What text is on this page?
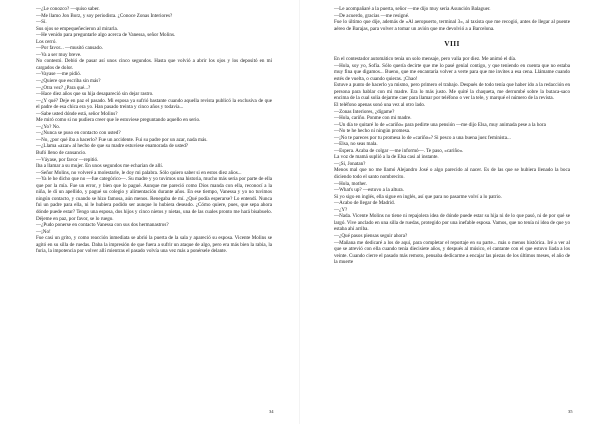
—¿Le conozco? —quiso saber.

—Me llamo Jon Borz, y soy periodista. ¿Conoce Zonas Interiores?

—Sí.

Sus ojos se empequeñecieron al mirarla.

—He venido para preguntarle algo acerca de Vanessa, señor Molins.

Los cerró.

—Por favor... —musitó cansado.

—Va a ser muy breve.

No contestó. Debió de pasar así unos cinco segundos. Hasta que volvió a abrir los ojos y los depositó en mí cargados de dolor.

—Vayase —me pidió.

—¿Quiere que escriba sin más?

—¿Otra vez? ¿Para qué...?

—Hace diez años que su hija desapareció sin dejar rastro.

—¿Y qué? Deje en paz el pasado. Mi esposa ya sufrió bastante cuando aquella revista publicó la exclusiva de que el padre de esa chica era yo. Han pasado treinta y cinco años y todavía...

—Sabe usted dónde está, señor Molins?

Me miró como si no pudiera creer que le estuviese preguntando aquello en serio.

—¿Yo? No.

—¿Nunca se puso en contacto con usted?

—No, ¿por qué iba a hacerlo? Fue un accidente. Fui su padre por un azar, nada más.

—¿Llama «azar» al hecho de que su madre estuviese enamorada de usted?

Bufó lleno de cansancio.

—Váyase, por favor —repitió.

Iba a llamar a su mujer. En unos segundos me echarían de allí.

—Señor Molins, no volveré a molestarle, le doy mi palabra. Sólo quiero saber si en estos diez años...

—Ya le he dicho que no —fue categórico—. Su madre y yo tuvimos una historia, mucho más seria por parte de ella que por la mía. Fue un error, y bien que lo pagué. Aunque me pareció como Dios manda con ella, reconocí a la niña, le di un apellido, y pagué su colegio y alimentación durante años. En ese tiempo, Vanessa y yo no tuvimos ningún contacto, y cuando se hizo famosa, aún menos. Renegaba de mí. ¿Qué podía esperarse? Lo entendí. Nunca fui un padre para ella, ni le hubiera podido ser aunque lo hubiera deseado. ¿Cómo quiere, pues, que sepa ahora dónde puede estar? Tengo una esposa, dos hijos y cinco nietos y nietas, una de las cuales pronto me hará bisabuelo. Déjeme en paz, por favor, se lo ruego.

—¿Pudo ponerse en contacto Vanessa con sus dos hermanastros?

—¡No!

Fue casi un grito, y como reacción inmediata se abrió la puerta de la sala y apareció su esposa. Vicente Molins se agitó en su silla de ruedas. Daba la impresión de que fuera a sufrir un ataque de algo, pero era más bien la rabia, la furia, la impotencia por volver allí mientras el pasado volvía una vez más a ponérsele delante.

34

—Le acompañaré a la puerta, señor —me dijo muy seria Asunción Balaguer.

—De acuerdo, gracias —me resigné.

Fue lo último que dije, además de «Al aeropuerto, terminal 3», al taxista que me recogió, antes de llegar al puente aéreo de Barajas, para volver a tomar un avión que me devolvió a a Barcelona.

VIII

En el contestador automático tenía un solo mensaje, pero valía por diez. Me animó el día.

—Hola, soy yo, Sofía. Sólo quería decirte que me lo pasé genial contigo, y que teniendo en cuenta que no estaba muy fina que digamos... Bueno, que me encantaría volver a verte para que me invites a esa cena. Llámame cuando estés de vuelta, o cuando quieras. ¡Chao!

Estuve a punto de hacerlo ya mismo, pero primero el trabajo. Después de todo tenía que haber ido a la redacción en persona para hablar con mi madre. Era lo más justo. Me quité la chaqueta, me derrumbé sobre la butaca-saco encima de la cual solía dejarme caer para llamar por teléfono o ver la tele, y marqué el número de la revista.

El teléfono apenas sonó una vez al otro lado.

—Zonas Interiores, ¿dígame?

—Hola, cariño. Ponme con mi madre.

—Un día te quitaré lo de «cariño» para pedirte una pensión —me dijo Elsa, muy animada pese a la hora

—No te he hecho ni ningún promesa.

—¡No te pareces por tu promesa lo de «cariño»? Si pesco a una buena juez feminista...

—Elsa, no seas mala.

—Espera. Acaba de colgar —me informó—. Te paso, «cariño».

La voz de mamá suplió a la de Elsa casi al instante.

—¡Si, Jonatan?

Menos mal que no me llamó Alejandro José o algo parecido al nacer. Es de las que se hubiera llenado la boca diciendo todo el santo nombrecito.

—Hola, mother.

—What's up? —estuvo a la altura.

Si yo sigo en inglés, ella sigue en inglés, así que para no pasarme volví a lo patrio.

—Acabo de llegar de Madrid.

—¿Y?

—Nada. Vicente Molins no tiene ni repajolera idea de dónde puede estar su hija ni de lo que pasó, ni de por qué se largó. Vive anclado en una silla de ruedas, protegido por una inefable esposa. Vamos, que no tenía ni idea de que yo estaba ahí arriba.

—¿Qué pasos piensas seguir ahora?

—Mañana me dedicaré a los de aquí, para completar el reportaje en su parte... más o menos histórica. Iré a ver al que se atrevió con ella cuando tenía diecisiete años, y después al músico, el cantante con el que estuvo liada a los veinte. Cuando cierre el pasado más remoto, pensaba dedicarme a encajar las piezas de los últimos meses, el año de la muerte

35
